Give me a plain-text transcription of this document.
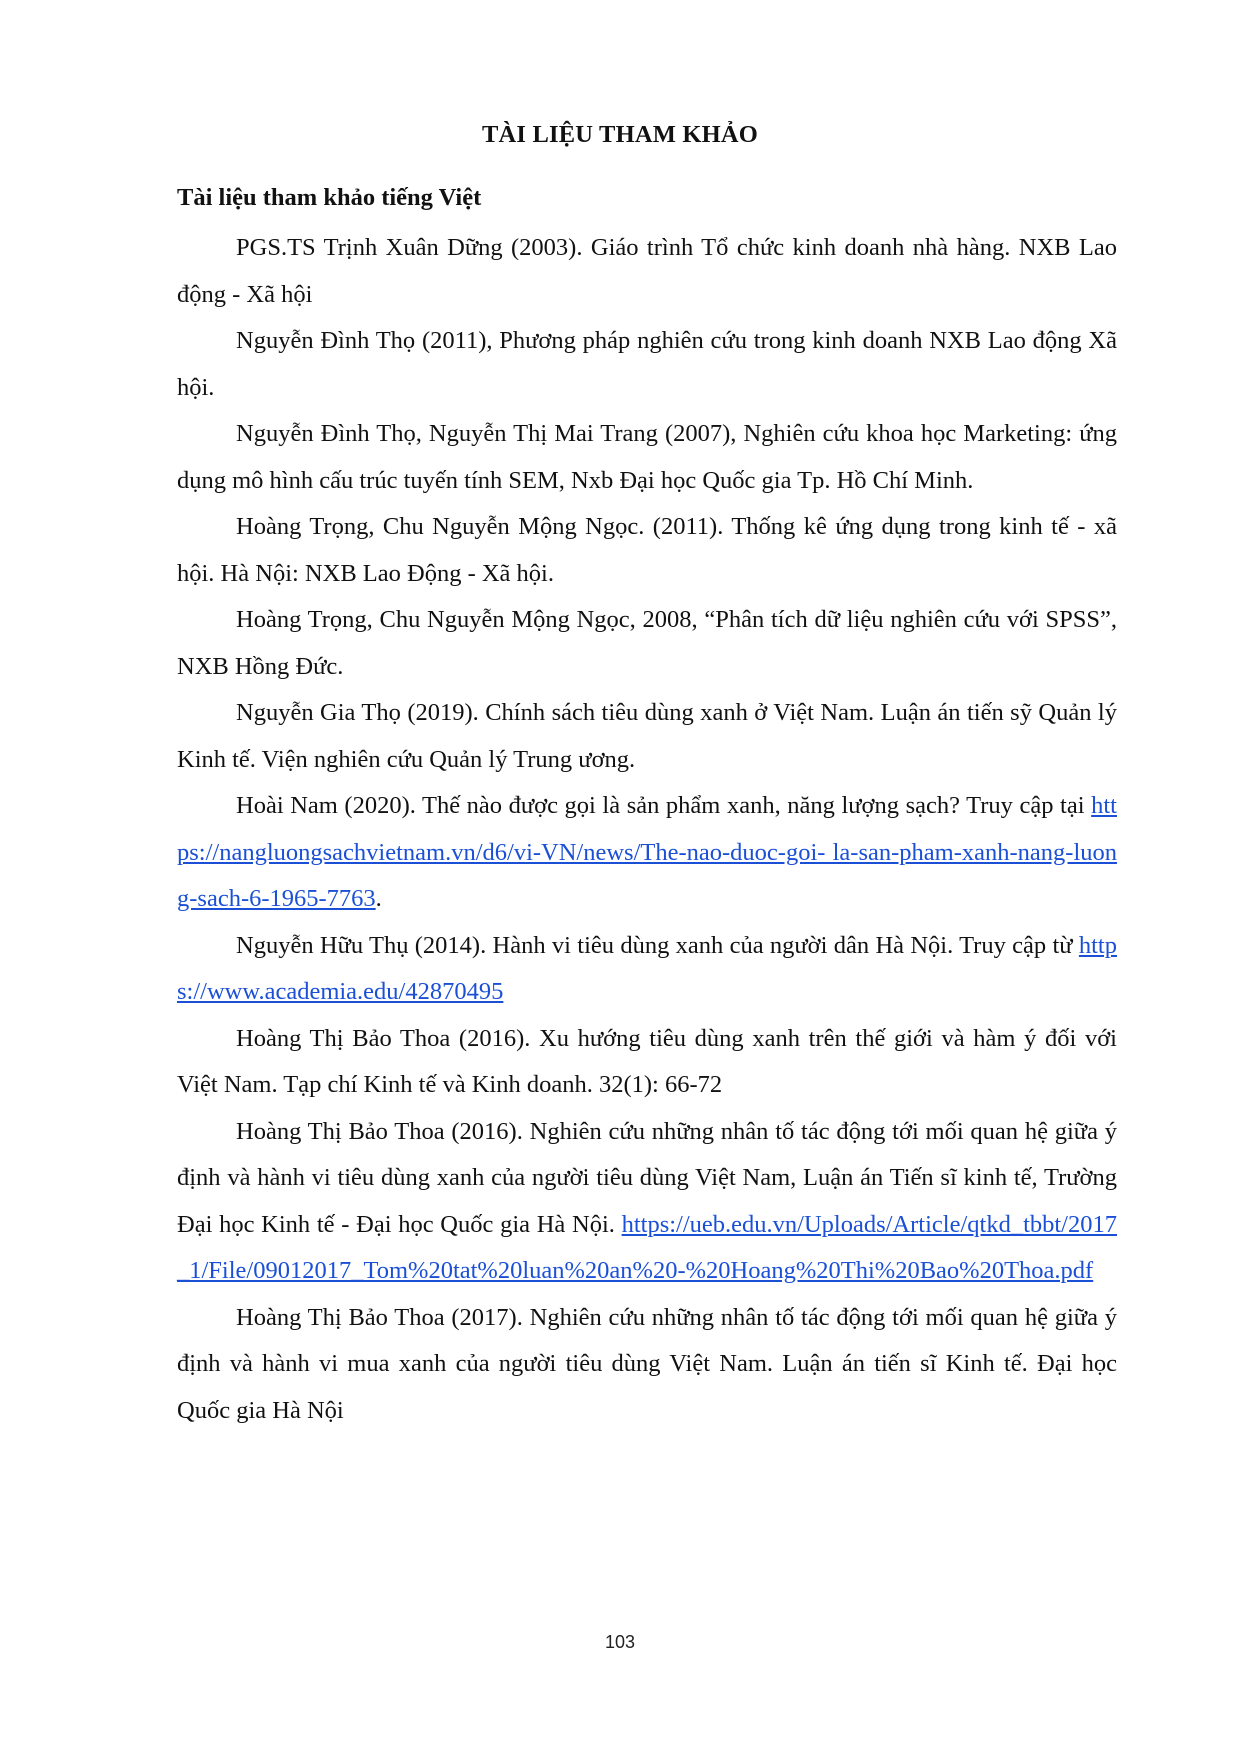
TÀI LIỆU THAM KHẢO
Tài liệu tham khảo tiếng Việt

PGS.TS Trịnh Xuân Dững (2003). Giáo trình Tổ chức kinh doanh nhà hàng. NXB Lao động - Xã hội

Nguyễn Đình Thọ (2011), Phương pháp nghiên cứu trong kinh doanh NXB Lao động Xã hội.

Nguyễn Đình Thọ, Nguyễn Thị Mai Trang (2007), Nghiên cứu khoa học Marketing: ứng dụng mô hình cấu trúc tuyến tính SEM, Nxb Đại học Quốc gia Tp. Hồ Chí Minh.

Hoàng Trọng, Chu Nguyễn Mộng Ngọc. (2011). Thống kê ứng dụng trong kinh tế - xã hội. Hà Nội: NXB Lao Động - Xã hội.

Hoàng Trọng, Chu Nguyễn Mộng Ngọc, 2008, “Phân tích dữ liệu nghiên cứu với SPSS”, NXB Hồng Đức.

Nguyễn Gia Thọ (2019). Chính sách tiêu dùng xanh ở Việt Nam. Luận án tiến sỹ Quản lý Kinh tế. Viện nghiên cứu Quản lý Trung ương.

Hoài Nam (2020). Thế nào được gọi là sản phẩm xanh, năng lượng sạch? Truy cập tại https://nangluongsachvietnam.vn/d6/vi-VN/news/The-nao-duoc-goi- la-san-pham-xanh-nang-luong-sach-6-1965-7763.

Nguyễn Hữu Thụ (2014). Hành vi tiêu dùng xanh của người dân Hà Nội. Truy cập từ https://www.academia.edu/42870495

Hoàng Thị Bảo Thoa (2016). Xu hướng tiêu dùng xanh trên thế giới và hàm ý đối với Việt Nam. Tạp chí Kinh tế và Kinh doanh. 32(1): 66-72

Hoàng Thị Bảo Thoa (2016). Nghiên cứu những nhân tố tác động tới mối quan hệ giữa ý định và hành vi tiêu dùng xanh của người tiêu dùng Việt Nam, Luận án Tiến sĩ kinh tế, Trường Đại học Kinh tế - Đại học Quốc gia Hà Nội. https://ueb.edu.vn/Uploads/Article/qtkd_tbbt/2017_1/File/09012017_Tom%20tat%20luan%20an%20-%20Hoang%20Thi%20Bao%20Thoa.pdf

Hoàng Thị Bảo Thoa (2017). Nghiên cứu những nhân tố tác động tới mối quan hệ giữa ý định và hành vi mua xanh của người tiêu dùng Việt Nam. Luận án tiến sĩ Kinh tế. Đại học Quốc gia Hà Nội

103
